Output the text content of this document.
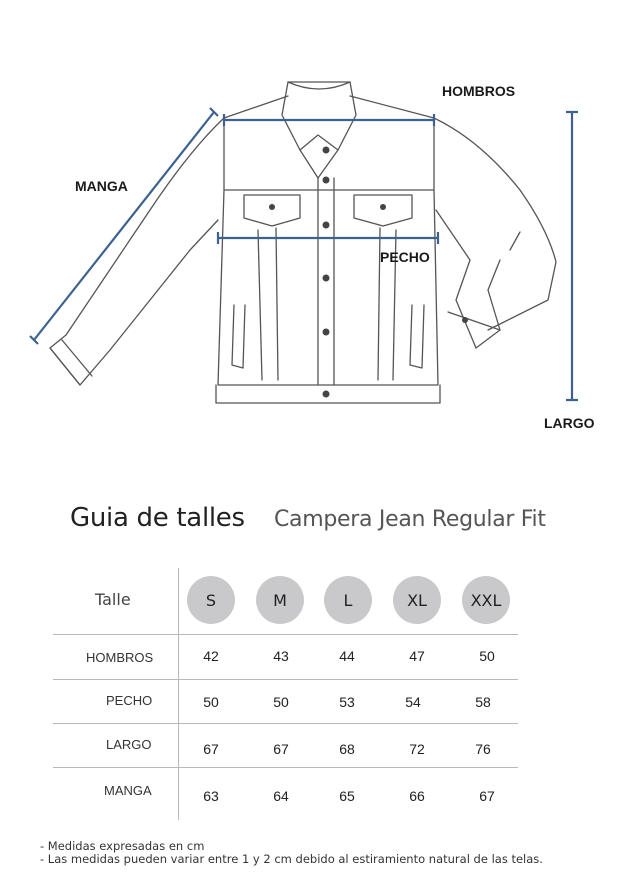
HOMBROS
MANGA
PECHO
LARGO
Guia de talles Campera Jean Regular Fit
Talle	S	M	L	XL	XXL
HOMBROS	42	43	44	47	50
PECHO	50	50	53	54	58
LARGO	67	67	68	72	76
MANGA	63	64	65	66	67
- Medidas expresadas en cm
- Las medidas pueden variar entre 1 y 2 cm debido al estiramiento natural de las telas.
